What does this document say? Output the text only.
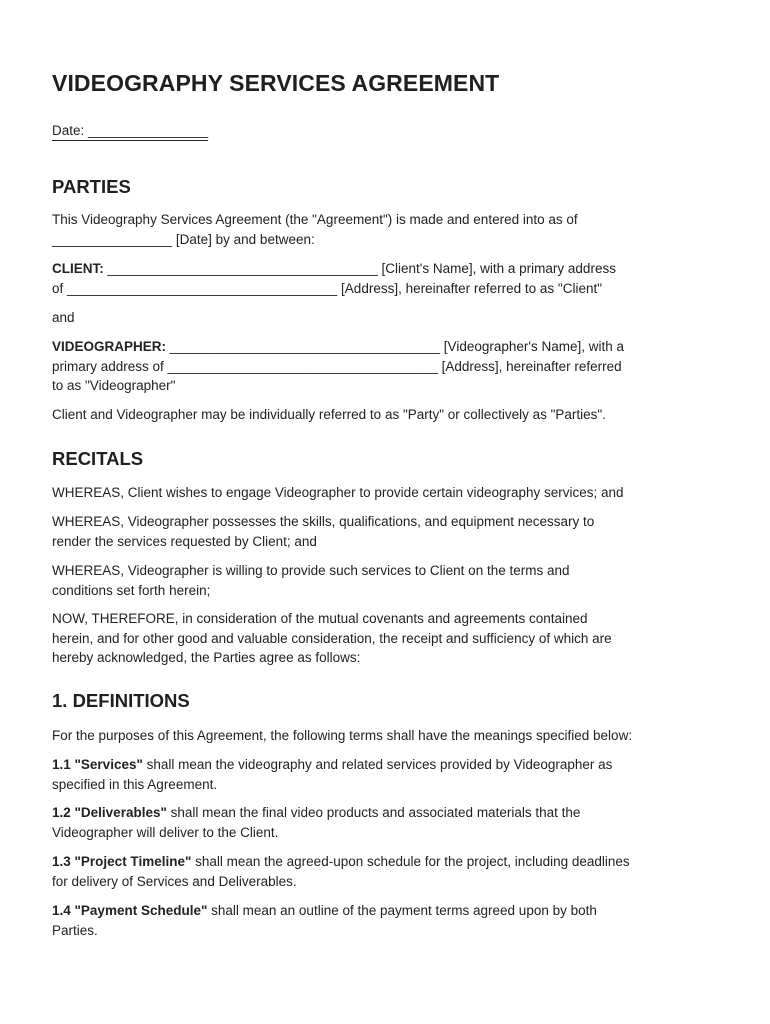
VIDEOGRAPHY SERVICES AGREEMENT
Date: ________________
PARTIES

This Videography Services Agreement (the "Agreement") is made and entered into as of
________________ [Date] by and between:

CLIENT: ____________________________________ [Client's Name], with a primary address
of ____________________________________ [Address], hereinafter referred to as "Client"

and

VIDEOGRAPHER: ____________________________________ [Videographer's Name], with a
primary address of ____________________________________ [Address], hereinafter referred
to as "Videographer"

Client and Videographer may be individually referred to as "Party" or collectively as "Parties".

RECITALS

WHEREAS, Client wishes to engage Videographer to provide certain videography services; and

WHEREAS, Videographer possesses the skills, qualifications, and equipment necessary to
render the services requested by Client; and

WHEREAS, Videographer is willing to provide such services to Client on the terms and
conditions set forth herein;

NOW, THEREFORE, in consideration of the mutual covenants and agreements contained
herein, and for other good and valuable consideration, the receipt and sufficiency of which are
hereby acknowledged, the Parties agree as follows:

1. DEFINITIONS

For the purposes of this Agreement, the following terms shall have the meanings specified below:

1.1 "Services" shall mean the videography and related services provided by Videographer as
specified in this Agreement.

1.2 "Deliverables" shall mean the final video products and associated materials that the
Videographer will deliver to the Client.

1.3 "Project Timeline" shall mean the agreed-upon schedule for the project, including deadlines
for delivery of Services and Deliverables.

1.4 "Payment Schedule" shall mean an outline of the payment terms agreed upon by both
Parties.
